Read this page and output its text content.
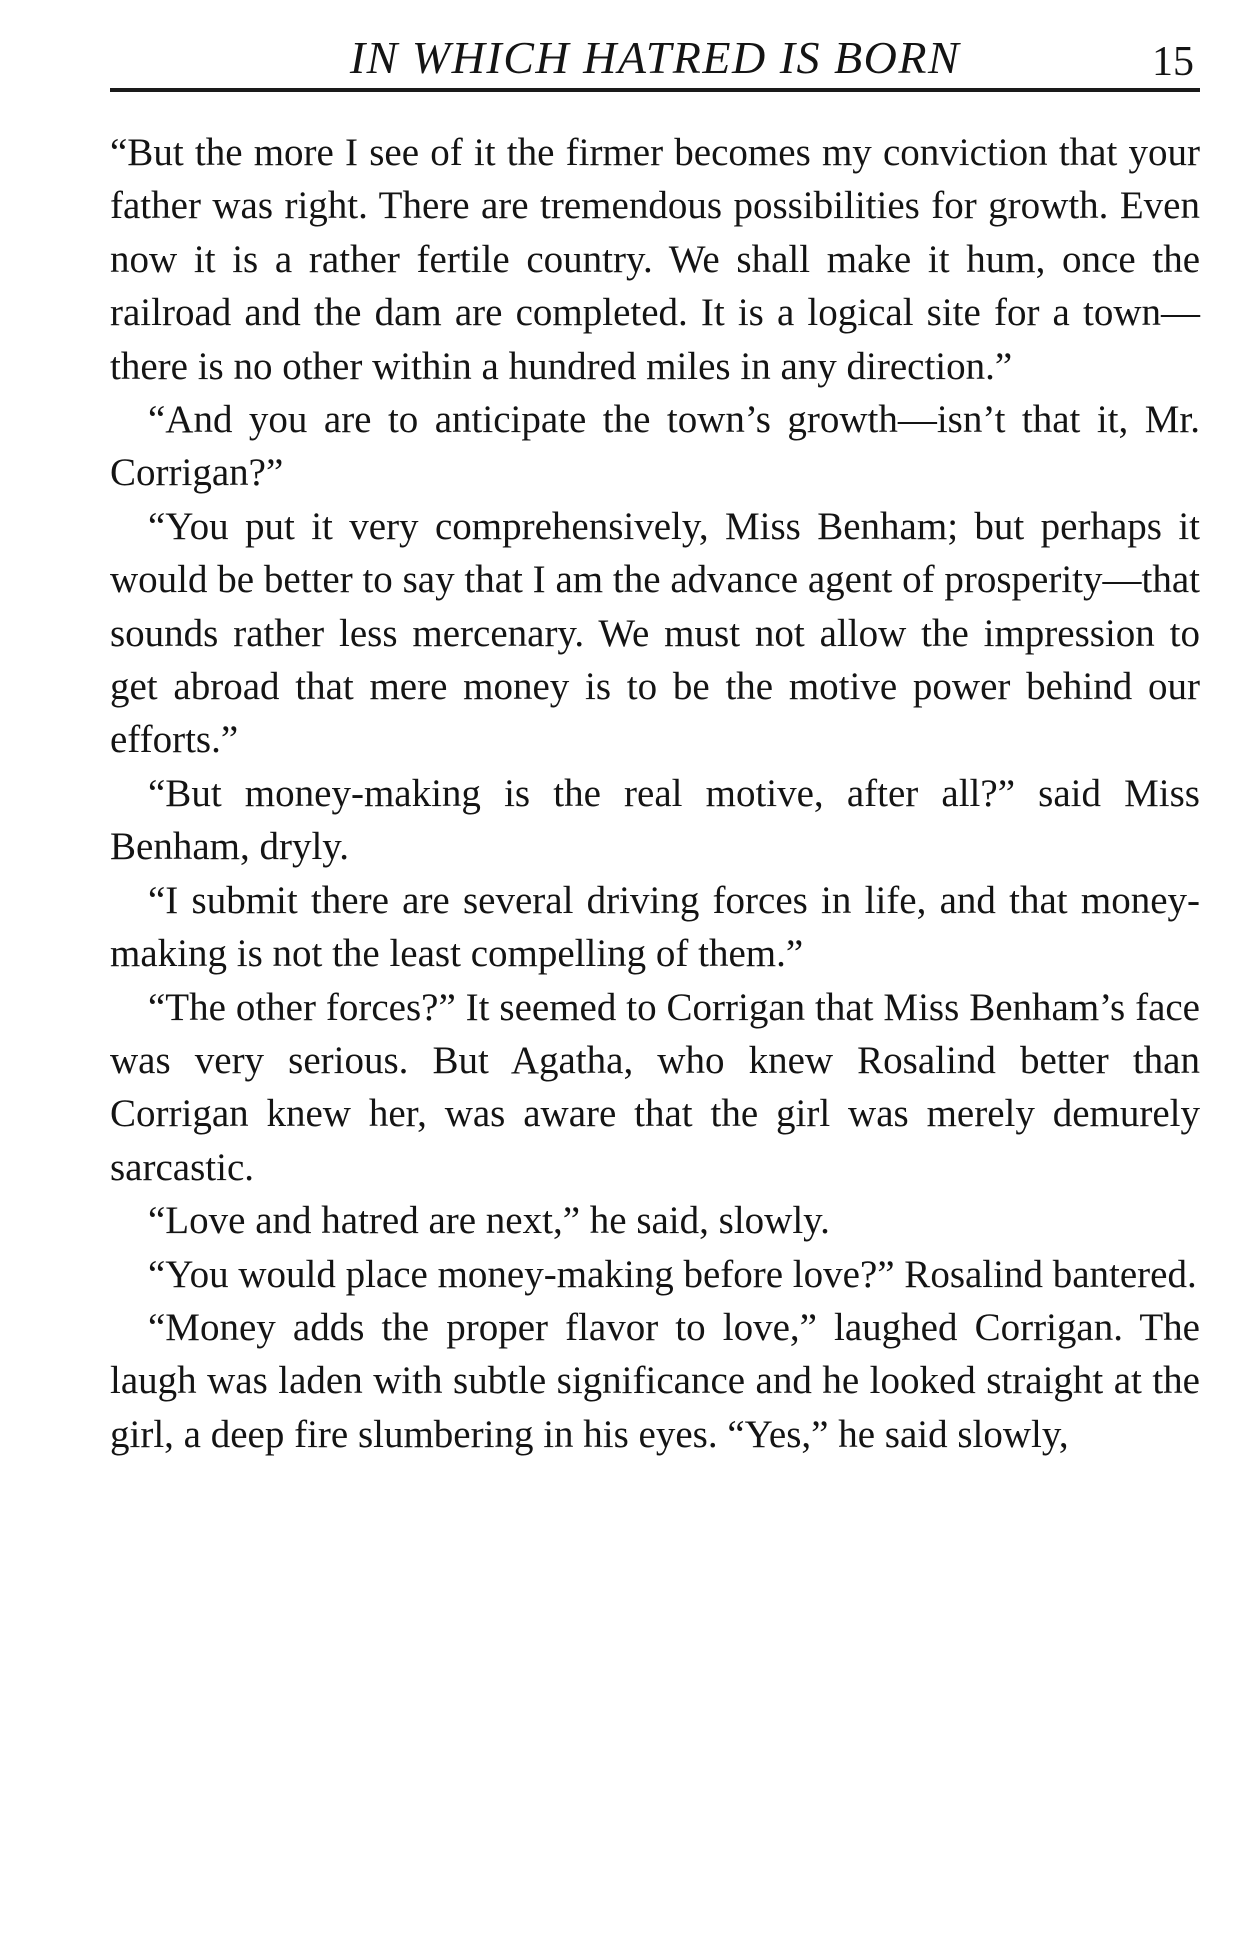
IN WHICH HATRED IS BORN	15

“But the more I see of it the firmer becomes my conviction that your father was right. There are tremendous possibilities for growth. Even now it is a rather fertile country. We shall make it hum, once the railroad and the dam are completed. It is a logical site for a town—there is no other within a hundred miles in any direction.”

“And you are to anticipate the town’s growth—isn’t that it, Mr. Corrigan?”

“You put it very comprehensively, Miss Benham; but perhaps it would be better to say that I am the advance agent of prosperity—that sounds rather less mercenary. We must not allow the impression to get abroad that mere money is to be the motive power behind our efforts.”

“But money-making is the real motive, after all?” said Miss Benham, dryly.

“I submit there are several driving forces in life, and that money-making is not the least compelling of them.”

“The other forces?” It seemed to Corrigan that Miss Benham’s face was very serious. But Agatha, who knew Rosalind better than Corrigan knew her, was aware that the girl was merely demurely sarcastic.

“Love and hatred are next,” he said, slowly.

“You would place money-making before love?” Rosalind bantered.

“Money adds the proper flavor to love,” laughed Corrigan. The laugh was laden with subtle significance and he looked straight at the girl, a deep fire slumbering in his eyes. “Yes,” he said slowly,
